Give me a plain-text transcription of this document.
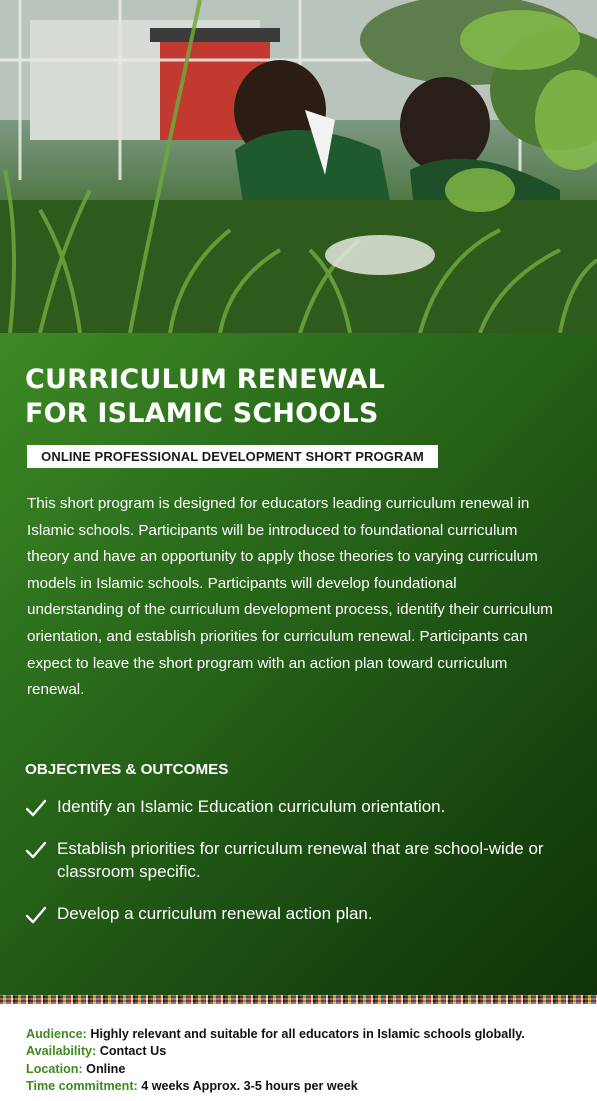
CURRICULUM RENEWAL
FOR ISLAMIC SCHOOLS
ONLINE PROFESSIONAL DEVELOPMENT SHORT PROGRAM

This short program is designed for educators leading curriculum renewal in Islamic schools. Participants will be introduced to foundational curriculum theory and have an opportunity to apply those theories to varying curriculum models in Islamic schools. Participants will develop foundational understanding of the curriculum development process, identify their curriculum orientation, and establish priorities for curriculum renewal. Participants can expect to leave the short program with an action plan toward curriculum renewal.

OBJECTIVES & OUTCOMES
Identify an Islamic Education curriculum orientation.
Establish priorities for curriculum renewal that are school-wide or classroom specific.
Develop a curriculum renewal action plan.
Audience: Highly relevant and suitable for all educators in Islamic schools globally.
Availability: Contact Us
Location: Online
Time commitment: 4 weeks Approx. 3-5 hours per week
